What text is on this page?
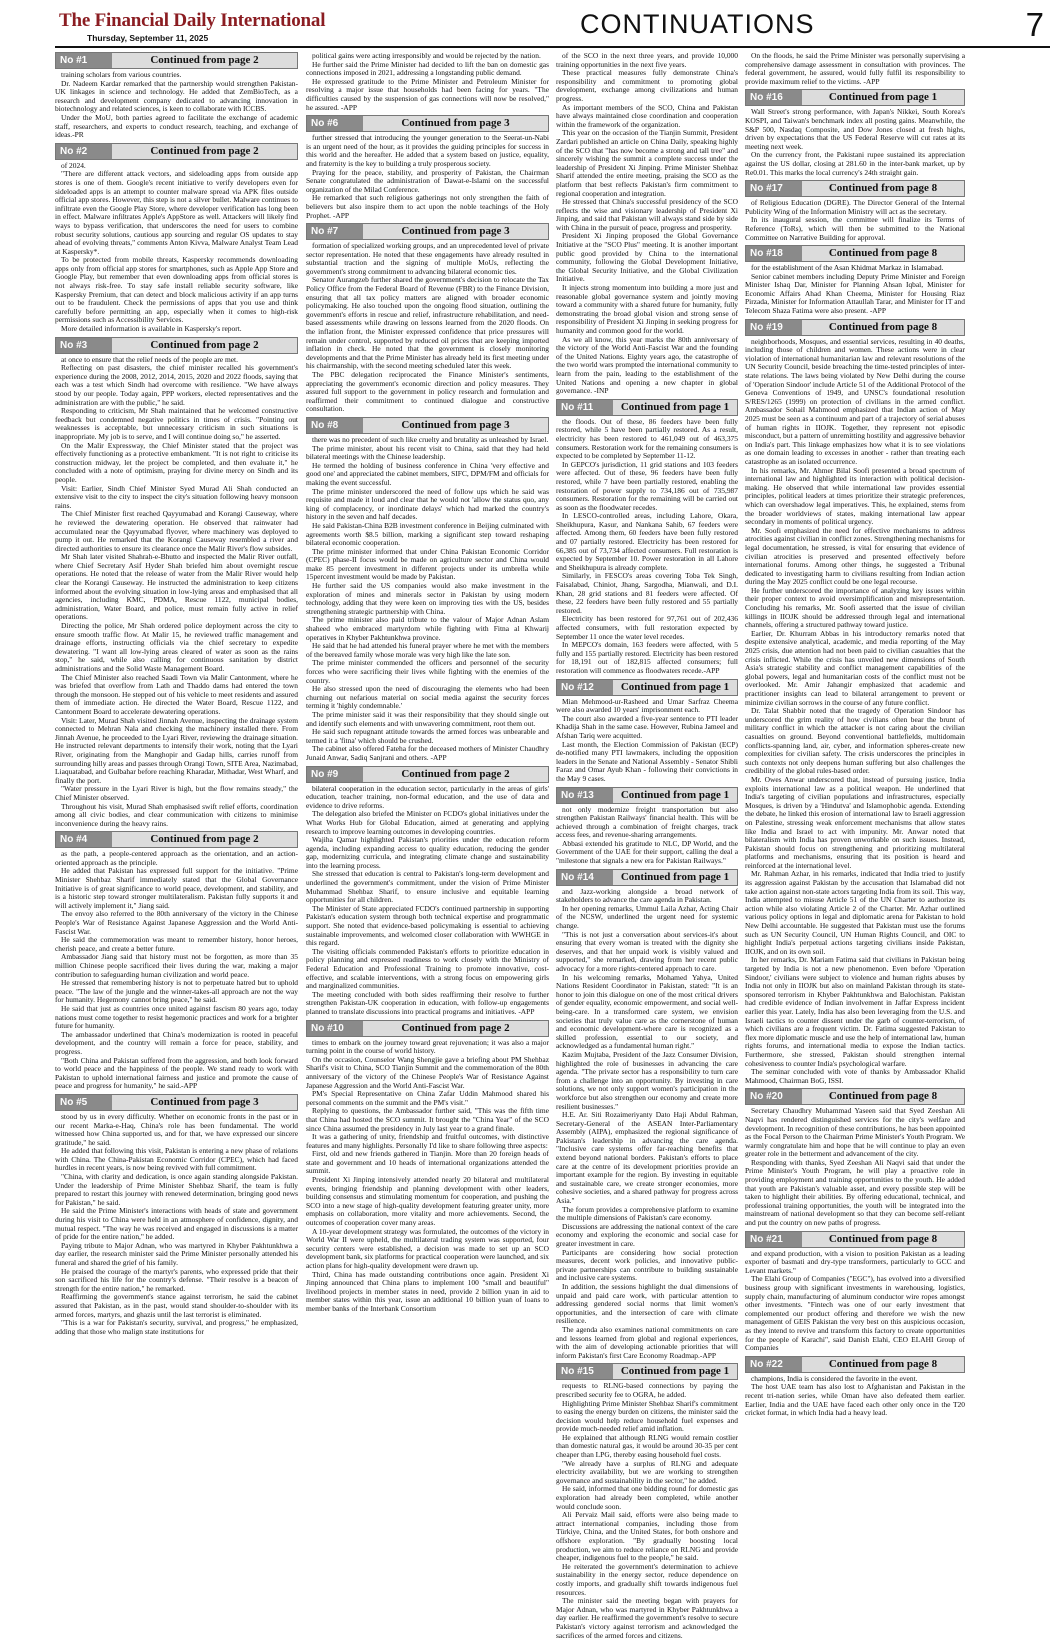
The Financial Daily International
Thursday, September 11, 2025	CONTINUATIONS	7
No #1	Continued from page 2

training scholars from various countries.

Dr. Nadeem Kardar remarked that the partnership would strengthen Pakistan-UK linkages in science and technology. He added that ZemBioTech, as a research and development company dedicated to advancing innovation in biotechnology and related sciences, is keen to collaborate with ICCBS.

Under the MoU, both parties agreed to facilitate the exchange of academic staff, researchers, and experts to conduct research, teaching, and exchange of ideas.-PR

No #2	Continued from page 2

of 2024.

"There are different attack vectors, and sideloading apps from outside app stores is one of them. Google's recent initiative to verify developers even for sideloaded apps is an attempt to counter malware spread via APK files outside official app stores. However, this step is not a silver bullet. Malware continues to infiltrate even the Google Play Store, where developer verification has long been in effect. Malware infiltrates Apple's AppStore as well. Attackers will likely find ways to bypass verification, that underscores the need for users to combine robust security solutions, cautious app sourcing and regular OS updates to stay ahead of evolving threats," comments Anton Kivva, Malware Analyst Team Lead at Kaspersky*.

To be protected from mobile threats, Kaspersky recommends downloading apps only from official app stores for smartphones, such as Apple App Store and Google Play, but remember that even downloading apps from official stores is not always risk-free. To stay safe install reliable security software, like Kaspersky Premium, that can detect and block malicious activity if an app turns out to be fraudulent. Check the permissions of apps that you use and think carefully before permitting an app, especially when it comes to high-risk permissions such as Accessibility Services.

More detailed information is available in Kaspersky's report.

No #3	Continued from page 2

at once to ensure that the relief needs of the people are met.

Reflecting on past disasters, the chief minister recalled his government's experience during the 2008, 2012, 2014, 2015, 2020 and 2022 floods, saying that each was a test which Sindh had overcome with resilience. "We have always stood by our people. Today again, PPP workers, elected representatives and the administration are with the public," he said.

Responding to criticism, Mr Shah maintained that he welcomed constructive feedback but condemned negative politics in times of crisis. "Pointing out weaknesses is acceptable, but unnecessary criticism in such situations is inappropriate. My job is to serve, and I will continue doing so," he asserted.

On the Malir Expressway, the Chief Minister stated that the project was effectively functioning as a protective embankment. "It is not right to criticise its construction midway, let the project be completed, and then evaluate it," he concluded with a note of optimism, praying for divine mercy on Sindh and its people.

Visit: Earlier, Sindh Chief Minister Syed Murad Ali Shah conducted an extensive visit to the city to inspect the city's situation following heavy monsoon rains.

The Chief Minister first reached Qayyumabad and Korangi Causeway, where he reviewed the dewatering operation. He observed that rainwater had accumulated near the Qayyumabad flyover, where machinery was deployed to pump it out. He remarked that the Korangi Causeway resembled a river and directed authorities to ensure its clearance once the Malir River's flow subsides.

Mr Shah later visited Shahrah-e-Bhutto and inspected the Malir River outfall, where Chief Secretary Asif Hyder Shah briefed him about overnight rescue operations. He noted that the release of water from the Malir River would help clear the Korangi Causeway. He instructed the administration to keep citizens informed about the evolving situation in low-lying areas and emphasised that all agencies, including KMC, PDMA, Rescue 1122, municipal bodies, administration, Water Board, and police, must remain fully active in relief operations.

Directing the police, Mr Shah ordered police deployment across the city to ensure smooth traffic flow. At Malir 15, he reviewed traffic management and drainage efforts, instructing officials via the chief secretary to expedite dewatering. "I want all low-lying areas cleared of water as soon as the rains stop," he said, while also calling for continuous sanitation by district administrations and the Solid Waste Management Board.

The Chief Minister also reached Saadi Town via Malir Cantonment, where he was briefed that overflow from Lath and Thaddo dams had entered the town through the monsoon. He stepped out of his vehicle to meet residents and assured them of immediate action. He directed the Water Board, Rescue 1122, and Cantonment Board to accelerate dewatering operations.

Visit: Later, Murad Shah visited Jinnah Avenue, inspecting the drainage system connected to Mehran Nala and checking the machinery installed there. From Jinnah Avenue, he proceeded to the Lyari River, reviewing the drainage situation. He instructed relevant departments to intensify their work, noting that the Lyari River, originating from the Manghopir and Gadap hills, carries runoff from surrounding hilly areas and passes through Orangi Town, SITE Area, Nazimabad, Liaquatabad, and Gulbahar before reaching Kharadar, Mithadar, West Wharf, and finally the port.

"Water pressure in the Lyari River is high, but the flow remains steady," the Chief Minister observed.

Throughout his visit, Murad Shah emphasised swift relief efforts, coordination among all civic bodies, and clear communication with citizens to minimise inconvenience during the heavy rains.

No #4	Continued from page 2

as the path, a people-centered approach as the orientation, and an action-oriented approach as the principle.

He added that Pakistan has expressed full support for the initiative. "Prime Minister Shehbaz Sharif immediately stated that the Global Governance Initiative is of great significance to world peace, development, and stability, and is a historic step toward stronger multilateralism. Pakistan fully supports it and will actively implement it," Jiang said.

The envoy also referred to the 80th anniversary of the victory in the Chinese People's War of Resistance Against Japanese Aggression and the World Anti-Fascist War.

He said the commemoration was meant to remember history, honor heroes, cherish peace, and create a better future.

Ambassador Jiang said that history must not be forgotten, as more than 35 million Chinese people sacrificed their lives during the war, making a major contribution to safeguarding human civilization and world peace.

He stressed that remembering history is not to perpetuate hatred but to uphold peace. "The law of the jungle and the winner-takes-all approach are not the way for humanity. Hegemony cannot bring peace," he said.

He said that just as countries once united against fascism 80 years ago, today nations must come together to resist hegemonic practices and work for a brighter future for humanity.

The ambassador underlined that China's modernization is rooted in peaceful development, and the country will remain a force for peace, stability, and progress.

"Both China and Pakistan suffered from the aggression, and both look forward to world peace and the happiness of the people. We stand ready to work with Pakistan to uphold international fairness and justice and promote the cause of peace and progress for humanity," he said.-APP

No #5	Continued from page 3

stood by us in every difficulty. Whether on economic fronts in the past or in our recent Marka-e-Haq, China's role has been fundamental. The world witnessed how China supported us, and for that, we have expressed our sincere gratitude," he said.

He added that following this visit, Pakistan is entering a new phase of relations with China. The China-Pakistan Economic Corridor (CPEC), which had faced hurdles in recent years, is now being revived with full commitment.

"China, with clarity and dedication, is once again standing alongside Pakistan. Under the leadership of Prime Minister Shehbaz Sharif, the team is fully prepared to restart this journey with renewed determination, bringing good news for Pakistan," he said.

He said the Prime Minister's interactions with heads of state and government during his visit to China were held in an atmosphere of confidence, dignity, and mutual respect. "The way he was received and engaged in discussions is a matter of pride for the entire nation," he added.

Paying tribute to Major Adnan, who was martyred in Khyber Pakhtunkhwa a day earlier, the research minister said the Prime Minister personally attended his funeral and shared the grief of his family.

He praised the courage of the martyr's parents, who expressed pride that their son sacrificed his life for the country's defense. "Their resolve is a beacon of strength for the entire nation," he remarked.

Reaffirming the government's stance against terrorism, he said the cabinet assured that Pakistan, as in the past, would stand shoulder-to-shoulder with its armed forces, martyrs, and ghazis until the last terrorist is eliminated.

"This is a war for Pakistan's security, survival, and progress," he emphasized, adding that those who malign state institutions for

political gains were acting irresponsibly and would be rejected by the nation.

He further said the Prime Minister had decided to lift the ban on domestic gas connections imposed in 2021, addressing a longstanding public demand.

He expressed gratitude to the Prime Minister and Petroleum Minister for resolving a major issue that households had been facing for years. "The difficulties caused by the suspension of gas connections will now be resolved," he assured. -APP

No #6	Continued from page 3

further stressed that introducing the younger generation to the Seerat-un-Nabi is an urgent need of the hour, as it provides the guiding principles for success in this world and the hereafter. He added that a system based on justice, equality, and fraternity is the key to building a truly prosperous society.

Praying for the peace, stability, and prosperity of Pakistan, the Chairman Senate congratulated the administration of Dawat-e-Islami on the successful organization of the Milad Conference.

He remarked that such religious gatherings not only strengthen the faith of believers but also inspire them to act upon the noble teachings of the Holy Prophet. -APP

No #7	Continued from page 3

formation of specialized working groups, and an unprecedented level of private sector representation. He noted that these engagements have already resulted in substantial traction and the signing of multiple MoUs, reflecting the government's strong commitment to advancing bilateral economic ties.

Senator Aurangzeb further shared the government's decision to relocate the Tax Policy Office from the Federal Board of Revenue (FBR) to the Finance Division, ensuring that all tax policy matters are aligned with broader economic policymaking. He also touched upon the ongoing flood situation, outlining the government's efforts in rescue and relief, infrastructure rehabilitation, and need-based assessments while drawing on lessons learned from the 2020 floods. On the inflation front, the Minister expressed confidence that price pressures will remain under control, supported by reduced oil prices that are keeping imported inflation in check. He noted that the government is closely monitoring developments and that the Prime Minister has already held its first meeting under his chairmanship, with the second meeting scheduled later this week.

The PBC delegation reciprocated the Finance Minister's sentiments, appreciating the government's economic direction and policy measures. They assured full support to the government in policy research and formulation and reaffirmed their commitment to continued dialogue and constructive consultation.

No #8	Continued from page 3

there was no precedent of such like cruelty and brutality as unleashed by Israel.

The prime minister, about his recent visit to China, said that they had held bilateral meetings with the Chinese leadership.

He termed the holding of business conference in China 'very effective and good one' and appreciated the cabinet members, SIFC, DPM/FM and officials for making the event successful.

The prime minister underscored the need of follow ups which he said was requisite and made it loud and clear that he would not 'allow the status quo, any king of complacency, or inordinate delays' which had marked the country's history in the seven and half decades.

He said Pakistan-China B2B investment conference in Beijing culminated with agreements worth $8.5 billion, marking a significant step toward reshaping bilateral economic cooperation.

The prime minister informed that under China Pakistan Economic Corridor (CPEC) phase-II focus would be made on agriculture sector and China would make 85 percent investment in different projects under its umbrella while 15percent investment would be made by Pakistan.

He further said the US companies would also make investment in the exploration of mines and minerals sector in Pakistan by using modern technology, adding that they were keen on improving ties with the US, besides strengthening strategic partnership with China.

The prime minister also paid tribute to the valour of Major Adnan Aslam shaheed who embraced martyrdom while fighting with Fitna al Khwarij operatives in Khyber Pakhtunkhwa province.

He said that he had attended his funeral prayer where he met with the members of the bereaved family whose morale was very high like the late son.

The prime minister commended the officers and personnel of the security forces who were sacrificing their lives while fighting with the enemies of the country.

He also stressed upon the need of discouraging the elements who had been churning out nefarious material on social media against the security forces terming it 'highly condemnable.'

The prime minister said it was their responsibility that they should single out and identify such elements and with unwavering commitment, root them out.

He said such repugnant attitude towards the armed forces was unbearable and termed it a 'fitna' which should be crushed.

The cabinet also offered Fateha for the deceased mothers of Minister Chaudhry Junaid Anwar, Sadiq Sanjrani and others. -APP

No #9	Continued from page 2

bilateral cooperation in the education sector, particularly in the areas of girls' education, teacher training, non-formal education, and the use of data and evidence to drive reforms.

The delegation also briefed the Minister on FCDO's global initiatives under the What Works Hub for Global Education, aimed at generating and applying research to improve learning outcomes in developing countries.

Wajiha Qamar highlighted Pakistan's priorities under the education reform agenda, including expanding access to quality education, reducing the gender gap, modernizing curricula, and integrating climate change and sustainability into the learning process.

She stressed that education is central to Pakistan's long-term development and underlined the government's commitment, under the vision of Prime Minister Muhammad Shehbaz Sharif, to ensure inclusive and equitable learning opportunities for all children.

The Minister of State appreciated FCDO's continued partnership in supporting Pakistan's education system through both technical expertise and programmatic support. She noted that evidence-based policymaking is essential to achieving sustainable improvements, and welcomed closer collaboration with WWHGE in this regard.

The visiting officials commended Pakistan's efforts to prioritize education in policy planning and expressed readiness to work closely with the Ministry of Federal Education and Professional Training to promote innovative, cost-effective, and scalable interventions, with a strong focus on empowering girls and marginalized communities.

The meeting concluded with both sides reaffirming their resolve to further strengthen Pakistan-UK cooperation in education, with follow-up engagements planned to translate discussions into practical programs and initiatives. -APP

No #10	Continued from page 2

times to embark on the journey toward great rejuvenation; it was also a major turning point in the course of world history.

On the occasion, Counselor Wang Shengjie gave a briefing about PM Shehbaz Sharif's visit to China, SCO Tianjin Summit and the commemoration of the 80th anniversary of the victory of the Chinese People's War of Resistance Against Japanese Aggression and the World Anti-Fascist War.

PM's Special Representative on China Zafar Uddin Mahmood shared his personal comments on the summit and the PM's visit."

Replying to questions, the Ambassador further said, "This was the fifth time that China had hosted the SCO summit. It brought the "China Year" of the SCO since China assumed the presidency in July last year to a grand finale.

It was a gathering of unity, friendship and fruitful outcomes, with distinctive features and many highlights. Personally I'd like to share following three aspects:

First, old and new friends gathered in Tianjin. More than 20 foreign heads of state and government and 10 heads of international organizations attended the summit.

President Xi Jinping intensively attended nearly 20 bilateral and multilateral events, bringing friendship and planning development with other leaders, building consensus and stimulating momentum for cooperation, and pushing the SCO into a new stage of high-quality development featuring greater unity, more emphasis on collaboration, more vitality and more achievements. Second, the outcomes of cooperation cover many areas.

A 10-year development strategy was formulated, the outcomes of the victory in World War II were upheld, the multilateral trading system was supported, four security centers were established, a decision was made to set up an SCO development bank, six platforms for practical cooperation were launched, and six action plans for high-quality development were drawn up.

Third, China has made outstanding contributions once again. President Xi Jinping announced that China plans to implement 100 "small and beautiful" livelihood projects in member states in need, provide 2 billion yuan in aid to member states within this year, issue an additional 10 billion yuan of loans to member banks of the Interbank Consortium

of the SCO in the next three years, and provide 10,000 training opportunities in the next five years.

These practical measures fully demonstrate China's responsibility and commitment to promoting global development, exchange among civilizations and human progress.

As important members of the SCO, China and Pakistan have always maintained close coordination and cooperation within the framework of the organization.

This year on the occasion of the Tianjin Summit, President Zardari published an article on China Daily, speaking highly of the SCO that "has now become a strong and tall tree" and sincerely wishing the summit a complete success under the leadership of President Xi Jinping. Prime Minister Shehbaz Sharif attended the entire meeting, praising the SCO as the platform that best reflects Pakistan's firm commitment to regional cooperation and integration.

He stressed that China's successful presidency of the SCO reflects the wise and visionary leadership of President Xi Jinping, and said that Pakistan will always stand side by side with China in the pursuit of peace, progress and prosperity.

President Xi Jinping proposed the Global Governance Initiative at the "SCO Plus" meeting. It is another important public good provided by China to the international community, following the Global Development Initiative, the Global Security Initiative, and the Global Civilization Initiative.

It injects strong momentum into building a more just and reasonable global governance system and jointly moving toward a community with a shared future for humanity, fully demonstrating the broad global vision and strong sense of responsibility of President Xi Jinping in seeking progress for humanity and common good for the world.

As we all know, this year marks the 80th anniversary of the victory of the World Anti-Fascist War and the founding of the United Nations. Eighty years ago, the catastrophe of the two world wars prompted the international community to learn from the pain, leading to the establishment of the United Nations and opening a new chapter in global governance. -INP

No #11	Continued from page 1

the floods. Out of these, 86 feeders have been fully restored, while 5 have been partially restored. As a result, electricity has been restored to 461,049 out of 463,375 consumers. Restoration work for the remaining consumers is expected to be completed by September 11-12.

In GEPCO's jurisdiction, 11 grid stations and 103 feeders were affected. Out of these, 96 feeders have been fully restored, while 7 have been partially restored, enabling the restoration of power supply to 734,186 out of 735,987 consumers. Restoration for the remaining will be carried out as soon as the floodwater recedes.

In LESCO-controlled areas, including Lahore, Okara, Sheikhupura, Kasur, and Nankana Sahib, 67 feeders were affected. Among them, 60 feeders have been fully restored and 07 partially restored. Electricity has been restored for 66,385 out of 73,734 affected consumers. Full restoration is expected by September 10. Power restoration in all Lahore and Sheikhupura is already complete.

Similarly, in FESCO's areas covering Toba Tek Singh, Faisalabad, Chiniot, Jhang, Sargodha, Mianwali, and D.I. Khan, 28 grid stations and 81 feeders were affected. Of these, 22 feeders have been fully restored and 55 partially restored.

Electricity has been restored for 97,761 out of 202,436 affected consumers, with full restoration expected by September 11 once the water level recedes.

In MEPCO's domain, 163 feeders were affected, with 5 fully and 155 partially restored. Electricity has been restored for 18,191 out of 182,815 affected consumers; full restoration will commence as floodwaters recede.-APP

No #12	Continued from page 1

Mian Mehmood-ur-Rasheed and Umar Sarfraz Cheema were also awarded 10 years' imprisonment each.

The court also awarded a five-year sentence to PTI leader Khadija Shah in the same case. However, Rubina Jameel and Afshan Tariq were acquitted.

Last month, the Election Commission of Pakistan (ECP) de-notified many PTI lawmakers, including the opposition leaders in the Senate and National Assembly - Senator Shibli Faraz and Omar Ayub Khan - following their convictions in the May 9 cases.

No #13	Continued from page 1

not only modernize freight transportation but also strengthen Pakistan Railways' financial health. This will be achieved through a combination of freight charges, track access fees, and revenue-sharing arrangements.

Abbasi extended his gratitude to NLC, DP World, and the Government of the UAE for their support, calling the deal a "milestone that signals a new era for Pakistan Railways."

No #14	Continued from page 1

and Jazz-working alongside a broad network of stakeholders to advance the care agenda in Pakistan.

In her opening remarks, Ummul Laila Azhar, Acting Chair of the NCSW, underlined the urgent need for systemic change.

"This is not just a conversation about services-it's about ensuring that every woman is treated with the dignity she deserves, and that her unpaid work is visibly valued and supported," she remarked, drawing from her recent public advocacy for a more rights-centered approach to care.

In his welcoming remarks, Mohamed Yahya, United Nations Resident Coordinator in Pakistan, stated: "It is an honor to join this dialogue on one of the most critical drivers of gender equality, economic empowerment, and social well-being-care. In a transformed care system, we envision societies that truly value care as the cornerstone of human and economic development-where care is recognized as a skilled profession, essential to our society, and acknowledged as a fundamental human right."

Kazim Mujtaba, President of the Jazz Consumer Division, highlighted the role of businesses in advancing the care agenda. "The private sector has a responsibility to turn care from a challenge into an opportunity. By investing in care solutions, we not only support women's participation in the workforce but also strengthen our economy and create more resilient businesses."

H.E. Ar. Siti Rozaimeriyanty Dato Haji Abdul Rahman, Secretary-General of the ASEAN Inter-Parliamentary Assembly (AIPA), emphasized the regional significance of Pakistan's leadership in advancing the care agenda. "Inclusive care systems offer far-reaching benefits that extend beyond national borders. Pakistan's efforts to place care at the centre of its development priorities provide an important example for the region. By investing in equitable and sustainable care, we create stronger economies, more cohesive societies, and a shared pathway for progress across Asia."

The forum provides a comprehensive platform to examine the multiple dimensions of Pakistan's care economy.

Discussions are addressing the national context of the care economy and exploring the economic and social case for greater investment in care.

Participants are considering how social protection measures, decent work policies, and innovative public-private partnerships can contribute to building sustainable and inclusive care systems.

In addition, the sessions highlight the dual dimensions of unpaid and paid care work, with particular attention to addressing gendered social norms that limit women's opportunities, and the intersection of care with climate resilience.

The agenda also examines national commitments on care and lessons learned from global and regional experiences, with the aim of developing actionable priorities that will inform Pakistan's first Care Economy Roadmap.-APP

No #15	Continued from page 1

requests to RLNG-based connections by paying the prescribed security fee to OGRA, he added.

Highlighting Prime Minister Shehbaz Sharif's commitment to easing the energy burden on citizens, the minister said the decision would help reduce household fuel expenses and provide much-needed relief amid inflation.

He explained that although RLNG would remain costlier than domestic natural gas, it would be around 30-35 per cent cheaper than LPG, thereby easing household fuel costs.

"We already have a surplus of RLNG and adequate electricity availability, but we are working to strengthen governance and sustainability in the sector," he added.

He said, informed that one bidding round for domestic gas exploration had already been completed, while another would conclude soon.

Ali Pervaiz Mail said, efforts were also being made to attract international companies, including those from Türkiye, China, and the United States, for both onshore and offshore exploration. "By gradually boosting local production, we aim to reduce reliance on RLNG and provide cheaper, indigenous fuel to the people," he said.

He reiterated the government's determination to achieve sustainability in the energy sector, reduce dependence on costly imports, and gradually shift towards indigenous fuel resources.

The minister said the meeting began with prayers for Major Adnan, who was martyred in Khyber Pakhtunkhwa a day earlier. He reaffirmed the government's resolve to secure Pakistan's victory against terrorism and acknowledged the sacrifices of the armed forces and citizens.

On the floods, he said the Prime Minister was personally supervising a comprehensive damage assessment in consultation with provinces. The federal government, he assured, would fully fulfil its responsibility to provide maximum relief to the victims. -APP

No #16	Continued from page 1

Wall Street's strong performance, with Japan's Nikkei, South Korea's KOSPI, and Taiwan's benchmark index all posting gains. Meanwhile, the S&P 500, Nasdaq Composite, and Dow Jones closed at fresh highs, driven by expectations that the US Federal Reserve will cut rates at its meeting next week.

On the currency front, the Pakistani rupee sustained its appreciation against the US dollar, closing at 281.60 in the inter-bank market, up by Re0.01. This marks the local currency's 24th straight gain.

No #17	Continued from page 8

of Religious Education (DGRE). The Director General of the Internal Publicity Wing of the Information Ministry will act as the secretary.

In its inaugural session, the committee will finalize its Terms of Reference (ToRs), which will then be submitted to the National Committee on Narrative Building for approval.

No #18	Continued from page 8

for the establishment of the Asan Khidmat Markaz in Islamabad.

Senior cabinet members including Deputy Prime Minister and Foreign Minister Ishaq Dar, Minister for Planning Ahsan Iqbal, Minister for Economic Affairs Ahad Khan Cheema, Minister for Housing Riaz Pirzada, Minister for Information Attaullah Tarar, and Minister for IT and Telecom Shaza Fatima were also present. -APP

No #19	Continued from page 8

neighborhoods, Mosques, and essential services, resulting in 40 deaths, including those of children and women. These actions were in clear violation of international humanitarian law and relevant resolutions of the UN Security Council, beside breaching the time-tested principles of inter-state relations. The laws being violated by New Delhi during the course of 'Operation Sindoor' include Article 51 of the Additional Protocol of the Geneva Conventions of 1949, and UNSC's foundational resolution S/RES/1265 (1999) on protection of civilians in the armed conflict. Ambassador Sohail Mahmood emphasized that Indian action of May 2025 must be seen as a continuum and part of a trajectory of serial abuses of human rights in IIOJK. Together, they represent not episodic misconduct, but a pattern of unremitting hostility and aggressive behavior on India's part. This linkage emphasizes how what it is to see violations as one domain leading to excesses in another - rather than treating each catastrophe as an isolated occurrence.

In his remarks, Mr. Ahmer Bilal Soofi presented a broad spectrum of international law and highlighted its interaction with political decision-making. He observed that while international law provides essential principles, political leaders at times prioritize their strategic preferences, which can overshadow legal imperatives. This, he explained, stems from the broader worldviews of states, making international law appear secondary in moments of political urgency.

Mr. Soofi emphasized the need for effective mechanisms to address atrocities against civilian in conflict zones. Strengthening mechanisms for legal documentation, he stressed, is vital for ensuring that evidence of civilian atrocities is preserved and presented effectively before international forums. Among other things, he suggested a Tribunal dedicated to investigating harm to civilians resulting from Indian action during the May 2025 conflict could be one legal recourse.

He further underscored the importance of analyzing key issues within their proper context to avoid oversimplification and misrepresentation. Concluding his remarks, Mr. Soofi asserted that the issue of civilian killings in IIOJK should be addressed through legal and international channels, offering a structured pathway toward justice.

Earlier, Dr. Khurram Abbas in his introductory remarks noted that despite extensive analytical, academic, and media reporting of the May 2025 crisis, due attention had not been paid to civilian casualties that the crisis inflicted. While the crisis has unveiled new dimensions of South Asia's strategic stability and conflict management capabilities of the global powers, legal and humanitarian costs of the conflict must not be overlooked. Mr. Amir Jahangir emphasized that academic and practitioner insights can lead to bilateral arrangement to prevent or minimize civilian sorrows in the course of any future conflict.

Dr. Talat Shabbir noted that the tragedy of Operation Sindoor has underscored the grim reality of how civilians often bear the brunt of military conflict in which the attacker is not caring about the civilian casualties on ground. Beyond conventional battlefields, multidomain conflicts-spanning land, air, cyber, and information spheres-create new complexities for civilian safety. The crisis underscores the principles in such contexts not only deepens human suffering but also challenges the credibility of the global rules-based order.

Mr. Owes Anwar underscored that, instead of pursuing justice, India exploits international law as a political weapon. He underlined that India's targeting of civilian populations and infrastructures, especially Mosques, is driven by a 'Hindutva' and Islamophobic agenda. Extending the debate, he linked this erosion of international law to Israeli aggression on Palestine, stressing weak enforcement mechanisms that allow states like India and Israel to act with impunity. Mr. Anwar noted that bilateralism with India has proven unworkable on such issues. Instead, Pakistan should focus on strengthening and prioritizing multilateral platforms and mechanisms, ensuring that its position is heard and reinforced at the international level.

Mr. Rahman Azhar, in his remarks, indicated that India tried to justify its aggression against Pakistan by the accusation that Islamabad did not take action against non-state actors targeting India from its soil. This way, India attempted to misuse Article 51 of the UN Charter to authorize its action while also violating Article 2 of the Charter. Mr. Azhar outlined various policy options in legal and diplomatic arena for Pakistan to hold New Delhi accountable. He suggested that Pakistan must use the forums such as UN Security Council, UN Human Rights Council, and OIC to highlight India's perpetual actions targeting civilians inside Pakistan, IIOJK, and on its own soil.

In her remarks, Dr. Mariam Fatima said that civilians in Pakistan being targeted by India is not a new phenomenon. Even before 'Operation Sindoor,' civilians were subject to violence and human rights abuses by India not only in IIOJK but also on mainland Pakistan through its state-sponsored terrorism in Khyber Pakhtunkhwa and Balochistan. Pakistan had credible evidence of Indian involvement in Jaffar Express incident earlier this year. Lately, India has also been leveraging from the U.S. and Israeli tactics to counter dissent under the garb of counter-terrorism, of which civilians are a frequent victim. Dr. Fatima suggested Pakistan to flex more diplomatic muscle and use the help of international law, human rights forums, and international media to expose the Indian tactics. Furthermore, she stressed, Pakistan should strengthen internal cohesiveness to counter India's psychological warfare.

The seminar concluded with vote of thanks by Ambassador Khalid Mahmood, Chairman BoG, ISSI.

No #20	Continued from page 8

Secretary Chaudhry Muhammad Yaseen said that Syed Zeeshan Ali Naqvi has rendered distinguished services for the city's welfare and development. In recognition of these contributions, he has been appointed as the Focal Person to the Chairman Prime Minister's Youth Program. We warmly congratulate him and hope that he will continue to play an even greater role in the betterment and advancement of the city.

Responding with thanks, Syed Zeeshan Ali Naqvi said that under the Prime Minister's Youth Program, he will play a proactive role in providing employment and training opportunities to the youth. He added that youth are Pakistan's valuable asset, and every possible step will be taken to highlight their abilities. By offering educational, technical, and professional training opportunities, the youth will be integrated into the mainstream of national development so that they can become self-reliant and put the country on new paths of progress.

No #21	Continued from page 8

and expand production, with a vision to position Pakistan as a leading exporter of basmati and dry-type transformers, particularly to GCC and Levant markets."

The Elahi Group of Companies ("EGC"), has evolved into a diversified business group with significant investments in warehousing, logistics, supply chain, manufacturing of aluminum conductor wire ropes amongst other investments. "Fintech was one of our early investment that complemented our product offering and therefore we wish the new management of GEIS Pakistan the very best on this auspicious occasion, as they intend to revive and transform this factory to create opportunities for the people of Karachi", said Danish Elahi, CEO ELAHI Group of Companies

No #22	Continued from page 8

champions, India is considered the favorite in the event.

The host UAE team has also lost to Afghanistan and Pakistan in the recent tri-nation series, while Oman have also defeated them earlier. Earlier, India and the UAE have faced each other only once in the T20 cricket format, in which India had a heavy lead.
